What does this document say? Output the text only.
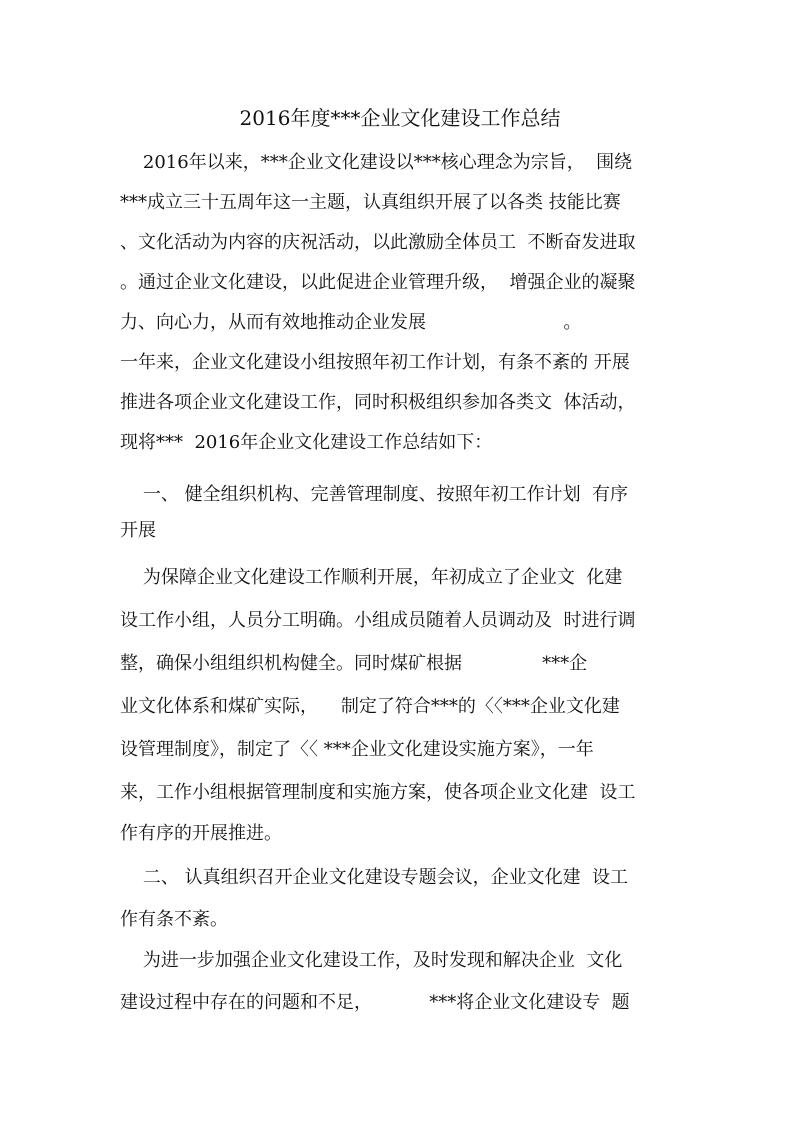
2016年度***企业文化建设工作总结
2016年以来，***企业文化建设以***核心理念为宗旨，  围绕
***成立三十五周年这一主题，认真组织开展了以各类 技能比赛
、文化活动为内容的庆祝活动，以此激励全体员工  不断奋发进取
。通过企业文化建设，以此促进企业管理升级，  增强企业的凝聚
力、向心力，从而有效地推动企业发展                        。
一年来，企业文化建设小组按照年初工作计划，有条不紊的 开展
推进各项企业文化建设工作，同时积极组织参加各类文  体活动，
现将***  2016年企业文化建设工作总结如下：
一、 健全组织机构、完善管理制度、按照年初工作计划  有序
开展
为保障企业文化建设工作顺利开展，年初成立了企业文  化建
设工作小组，人员分工明确。小组成员随着人员调动及  时进行调
整，确保小组组织机构健全。同时煤矿根据              ***企
业文化体系和煤矿实际，    制定了符合***的〈〈***企业文化建
设管理制度》，制定了〈〈 ***企业文化建设实施方案》，一年
来，工作小组根据管理制度和实施方案，使各项企业文化建  设工
作有序的开展推进。
二、 认真组织召开企业文化建设专题会议，企业文化建  设工
作有条不紊。
为进一步加强企业文化建设工作，及时发现和解决企业  文化
建设过程中存在的问题和不足，          ***将企业文化建设专  题
